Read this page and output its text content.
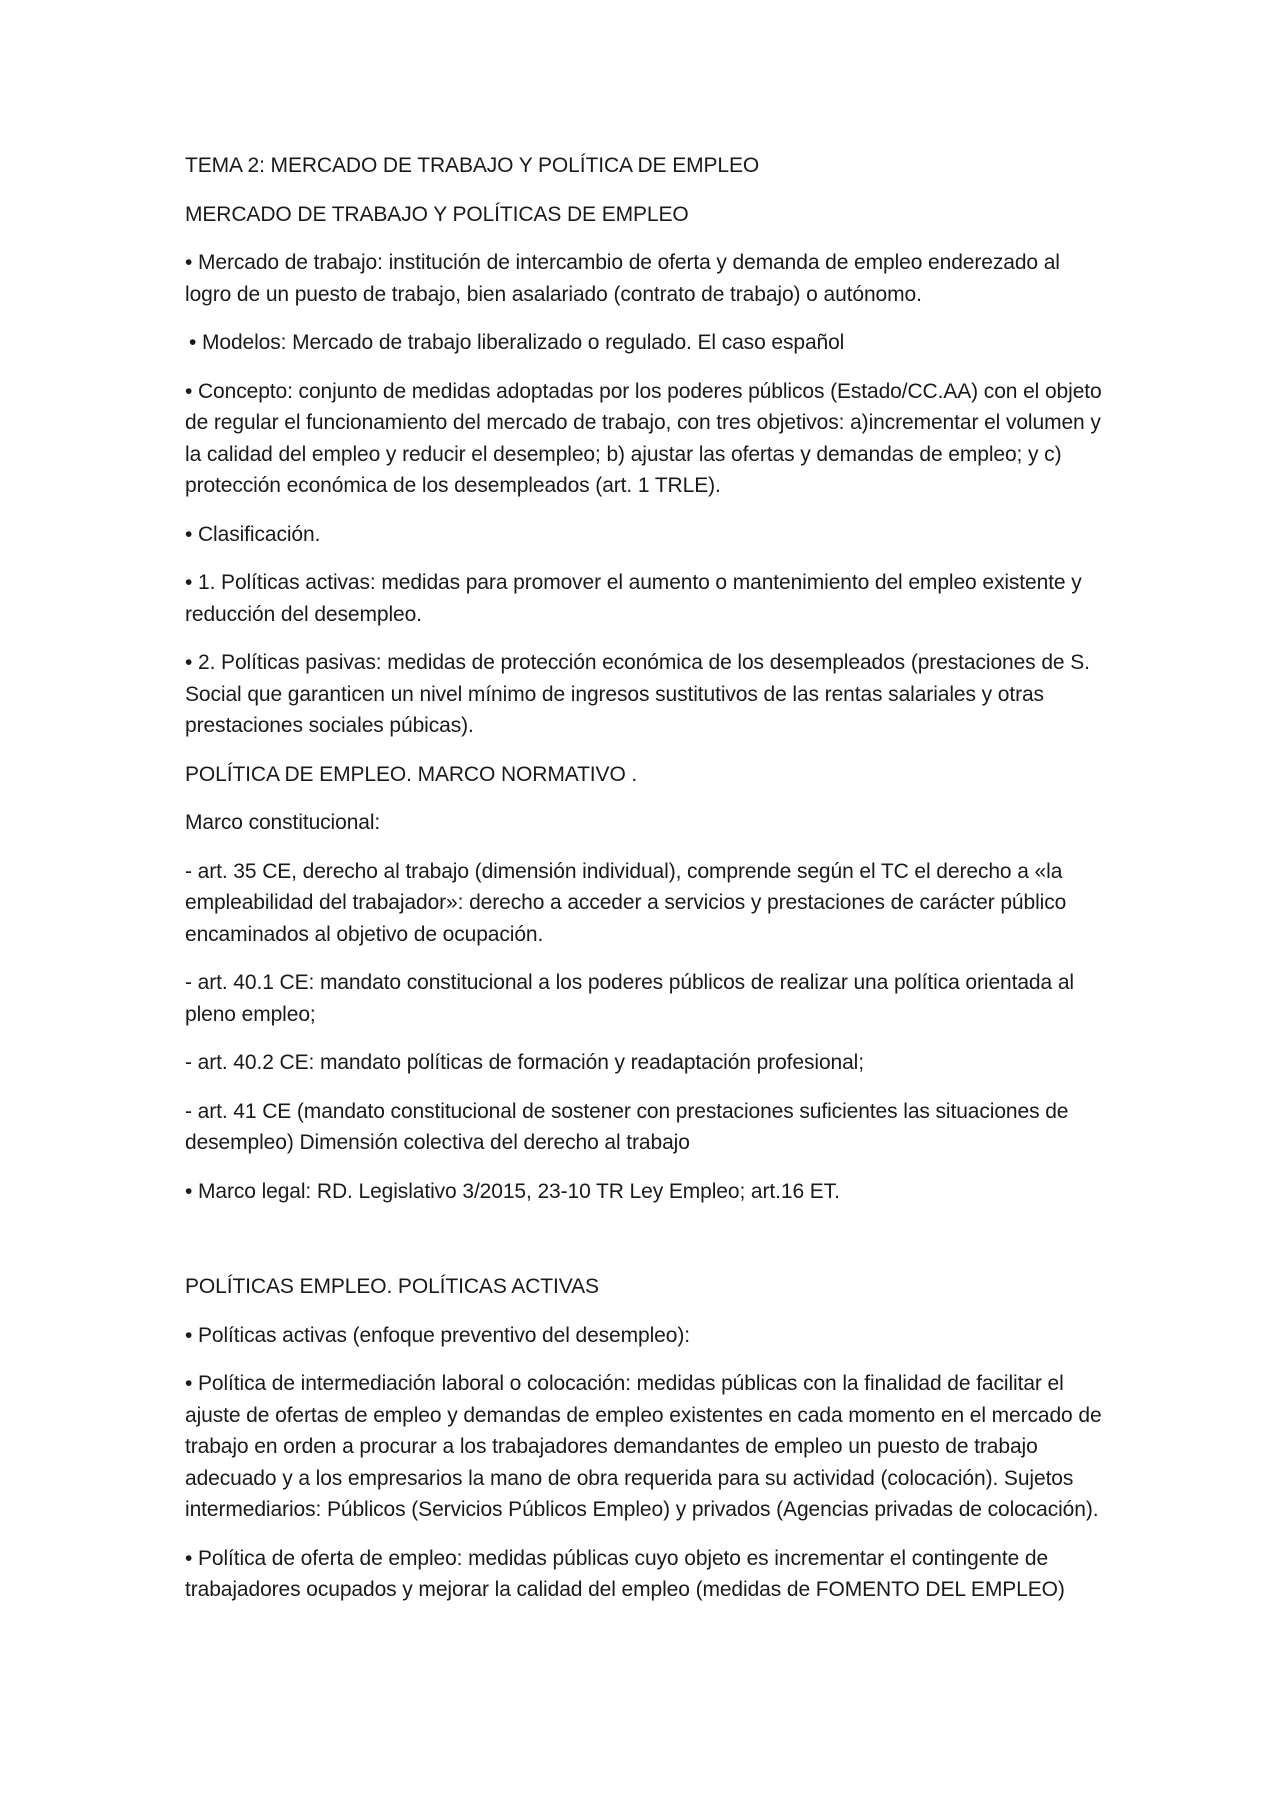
TEMA 2: MERCADO DE TRABAJO Y POLÍTICA DE EMPLEO

MERCADO DE TRABAJO Y POLÍTICAS DE EMPLEO

• Mercado de trabajo: institución de intercambio de oferta y demanda de empleo enderezado al logro de un puesto de trabajo, bien asalariado (contrato de trabajo) o autónomo.

• Modelos: Mercado de trabajo liberalizado o regulado. El caso español

• Concepto: conjunto de medidas adoptadas por los poderes públicos (Estado/CC.AA) con el objeto de regular el funcionamiento del mercado de trabajo, con tres objetivos: a)incrementar el volumen y la calidad del empleo y reducir el desempleo; b) ajustar las ofertas y demandas de empleo; y c) protección económica de los desempleados (art. 1 TRLE).

• Clasificación.

• 1. Políticas activas: medidas para promover el aumento o mantenimiento del empleo existente y reducción del desempleo.

• 2. Políticas pasivas: medidas de protección económica de los desempleados (prestaciones de S. Social que garanticen un nivel mínimo de ingresos sustitutivos de las rentas salariales y otras prestaciones sociales púbicas).

POLÍTICA DE EMPLEO. MARCO NORMATIVO .

Marco constitucional:

- art. 35 CE, derecho al trabajo (dimensión individual), comprende según el TC el derecho a «la empleabilidad del trabajador»: derecho a acceder a servicios y prestaciones de carácter público encaminados al objetivo de ocupación.

- art. 40.1 CE: mandato constitucional a los poderes públicos de realizar una política orientada al pleno empleo;

- art. 40.2 CE: mandato políticas de formación y readaptación profesional;

- art. 41 CE (mandato constitucional de sostener con prestaciones suficientes las situaciones de desempleo) Dimensión colectiva del derecho al trabajo

• Marco legal: RD. Legislativo 3/2015, 23-10 TR Ley Empleo; art.16 ET.

POLÍTICAS EMPLEO. POLÍTICAS ACTIVAS

• Políticas activas (enfoque preventivo del desempleo):

• Política de intermediación laboral o colocación: medidas públicas con la finalidad de facilitar el ajuste de ofertas de empleo y demandas de empleo existentes en cada momento en el mercado de trabajo en orden a procurar a los trabajadores demandantes de empleo un puesto de trabajo adecuado y a los empresarios la mano de obra requerida para su actividad (colocación). Sujetos intermediarios: Públicos (Servicios Públicos Empleo) y privados (Agencias privadas de colocación).

• Política de oferta de empleo: medidas públicas cuyo objeto es incrementar el contingente de trabajadores ocupados y mejorar la calidad del empleo (medidas de FOMENTO DEL EMPLEO)
